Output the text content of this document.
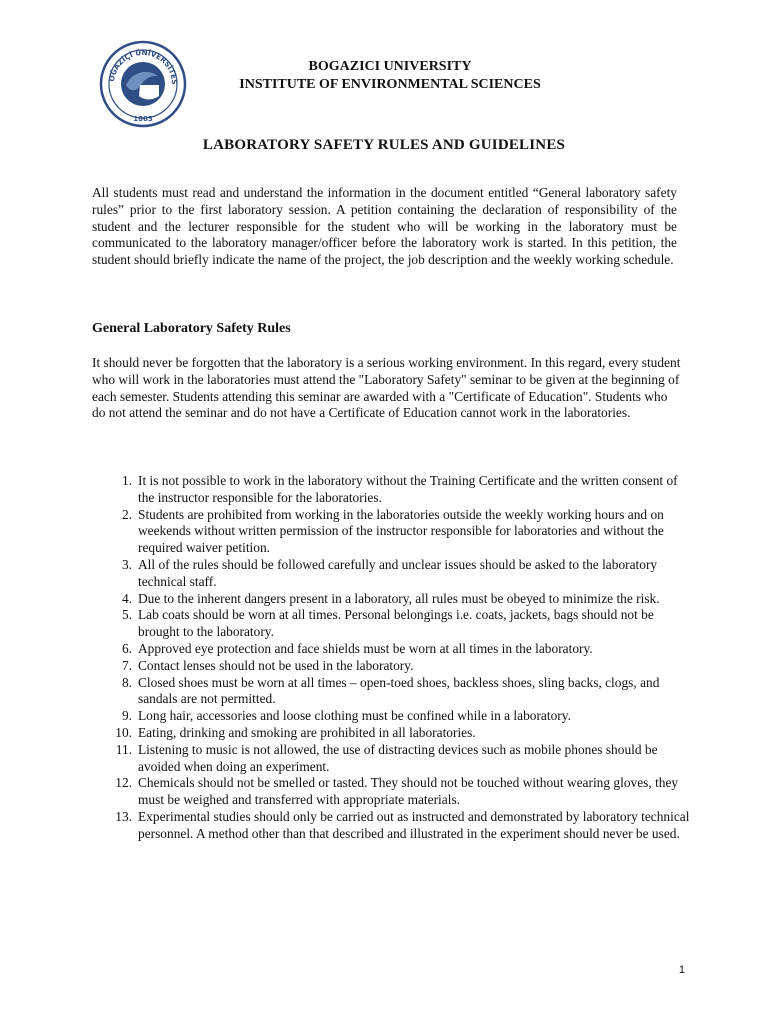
OĞAZİÇİ ÜNİVERSİTES
1863
BOGAZICI UNIVERSITY
INSTITUTE OF ENVIRONMENTAL SCIENCES
LABORATORY SAFETY RULES AND GUIDELINES

All students must read and understand the information in the document entitled “General laboratory safety rules” prior to the first laboratory session. A petition containing the declaration of responsibility of the student and the lecturer responsible for the student who will be working in the laboratory must be communicated to the laboratory manager/officer before the laboratory work is started. In this petition, the student should briefly indicate the name of the project, the job description and the weekly working schedule.

General Laboratory Safety Rules

It should never be forgotten that the laboratory is a serious working environment. In this regard, every student who will work in the laboratories must attend the "Laboratory Safety" seminar to be given at the beginning of each semester. Students attending this seminar are awarded with a "Certificate of Education". Students who do not attend the seminar and do not have a Certificate of Education cannot work in the laboratories.

1. It is not possible to work in the laboratory without the Training Certificate and the written consent of the instructor responsible for the laboratories.
2. Students are prohibited from working in the laboratories outside the weekly working hours and on weekends without written permission of the instructor responsible for laboratories and without the required waiver petition.
3. All of the rules should be followed carefully and unclear issues should be asked to the laboratory technical staff.
4. Due to the inherent dangers present in a laboratory, all rules must be obeyed to minimize the risk.
5. Lab coats should be worn at all times. Personal belongings i.e. coats, jackets, bags should not be brought to the laboratory.
6. Approved eye protection and face shields must be worn at all times in the laboratory.
7. Contact lenses should not be used in the laboratory.
8. Closed shoes must be worn at all times – open-toed shoes, backless shoes, sling backs, clogs, and sandals are not permitted.
9. Long hair, accessories and loose clothing must be confined while in a laboratory.
10. Eating, drinking and smoking are prohibited in all laboratories.
11. Listening to music is not allowed, the use of distracting devices such as mobile phones should be avoided when doing an experiment.
12. Chemicals should not be smelled or tasted. They should not be touched without wearing gloves, they must be weighed and transferred with appropriate materials.
13. Experimental studies should only be carried out as instructed and demonstrated by laboratory technical personnel. A method other than that described and illustrated in the experiment should never be used.
1
